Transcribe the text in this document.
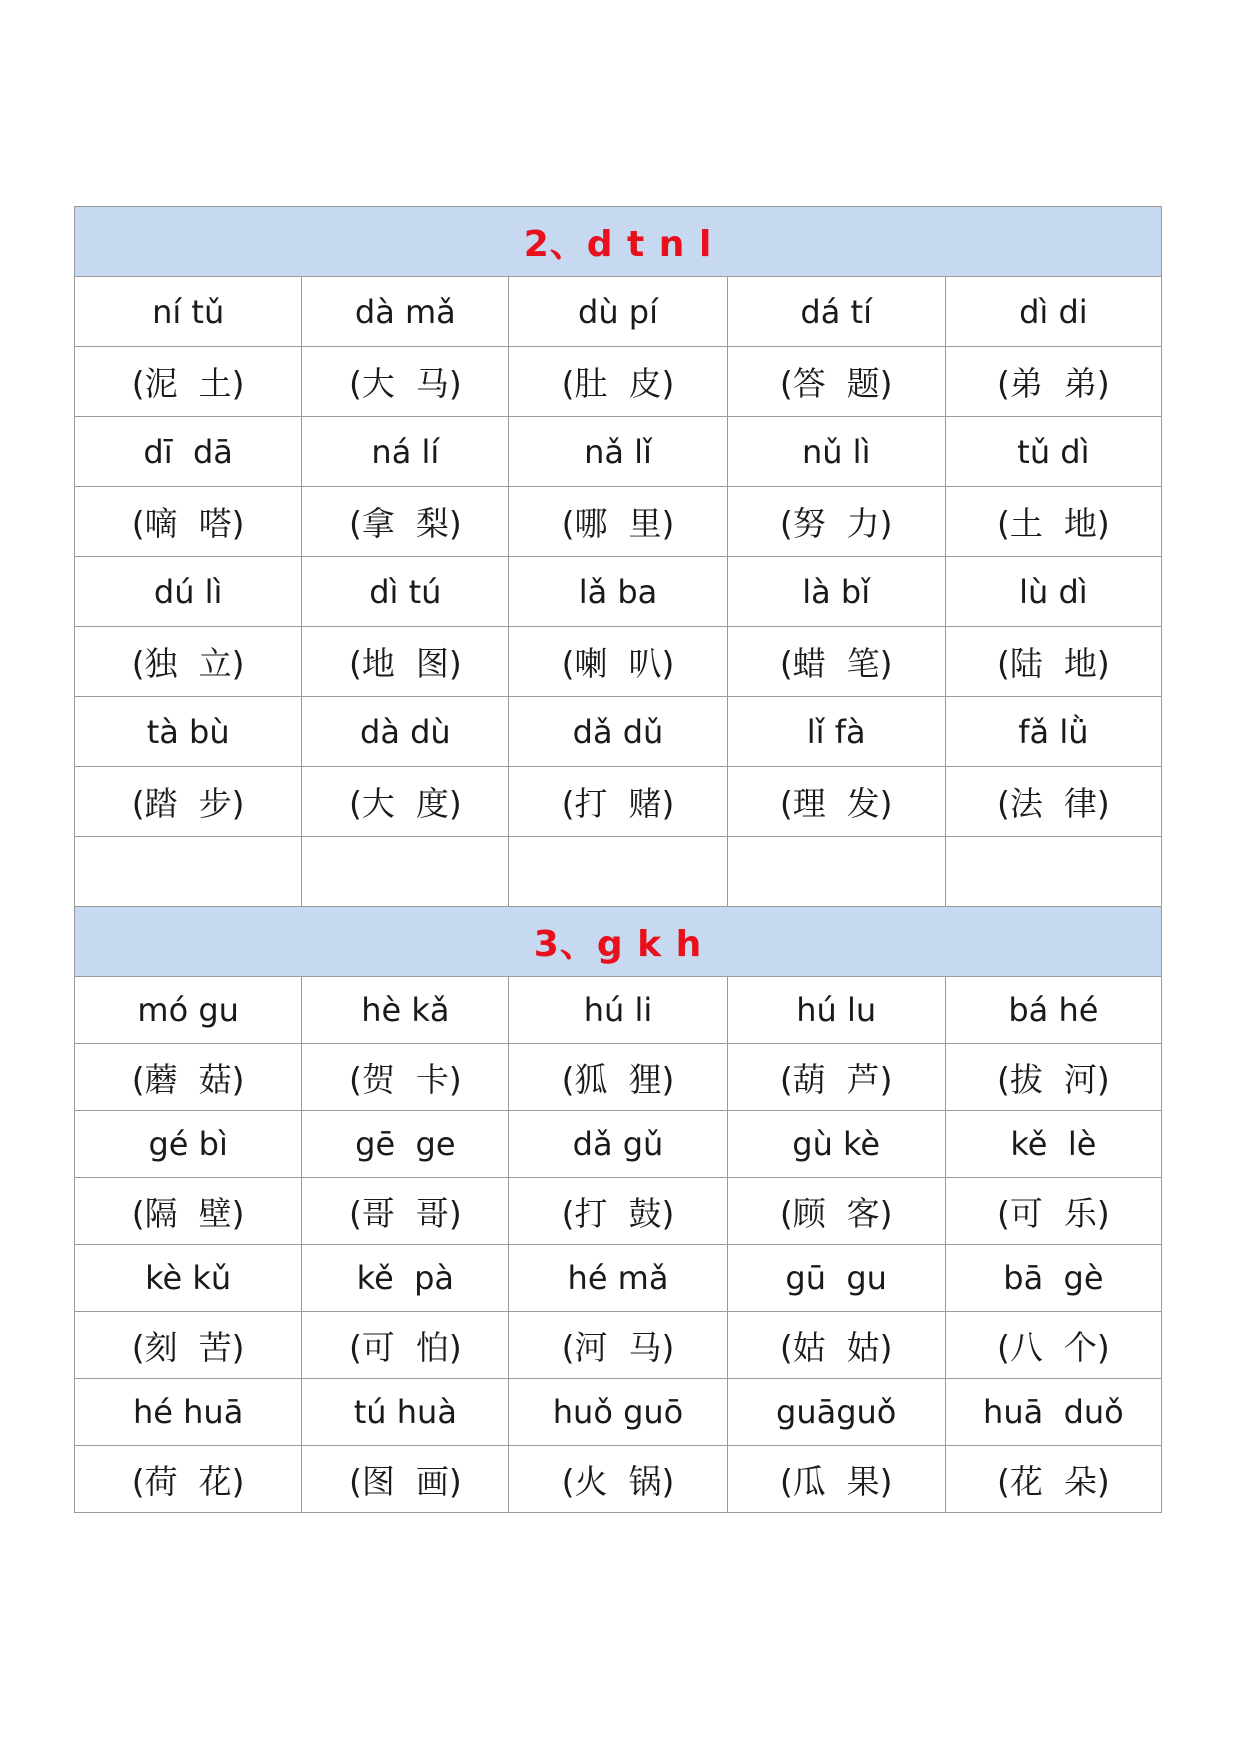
2、d t n l				
ní tǔ	dà mǎ	dù pí	dá tí	dì di
(泥  土)	(大  马)	(肚  皮)	(答  题)	(弟  弟)
dī  dā	ná lí	nǎ lǐ	nǔ lì	tǔ dì
(嘀  嗒)	(拿  梨)	(哪  里)	(努  力)	(土  地)
dú lì	dì tú	lǎ ba	là bǐ	lù dì
(独  立)	(地  图)	(喇  叭)	(蜡  笔)	(陆  地)
tà bù	dà dù	dǎ dǔ	lǐ fà	fǎ lǜ
(踏  步)	(大  度)	(打  赌)	(理  发)	(法  律)

3、g k h				
mó gu	hè kǎ	hú li	hú lu	bá hé
(蘑  菇)	(贺  卡)	(狐  狸)	(葫  芦)	(拔  河)
gé bì	gē  ge	dǎ gǔ	gù kè	kě  lè
(隔  壁)	(哥  哥)	(打  鼓)	(顾  客)	(可  乐)
kè kǔ	kě  pà	hé mǎ	gū  gu	bā  gè
(刻  苦)	(可  怕)	(河  马)	(姑  姑)	(八  个)
hé huā	tú huà	huǒ guō	guāguǒ	huā  duǒ
(荷  花)	(图  画)	(火  锅)	(瓜  果)	(花  朵)
